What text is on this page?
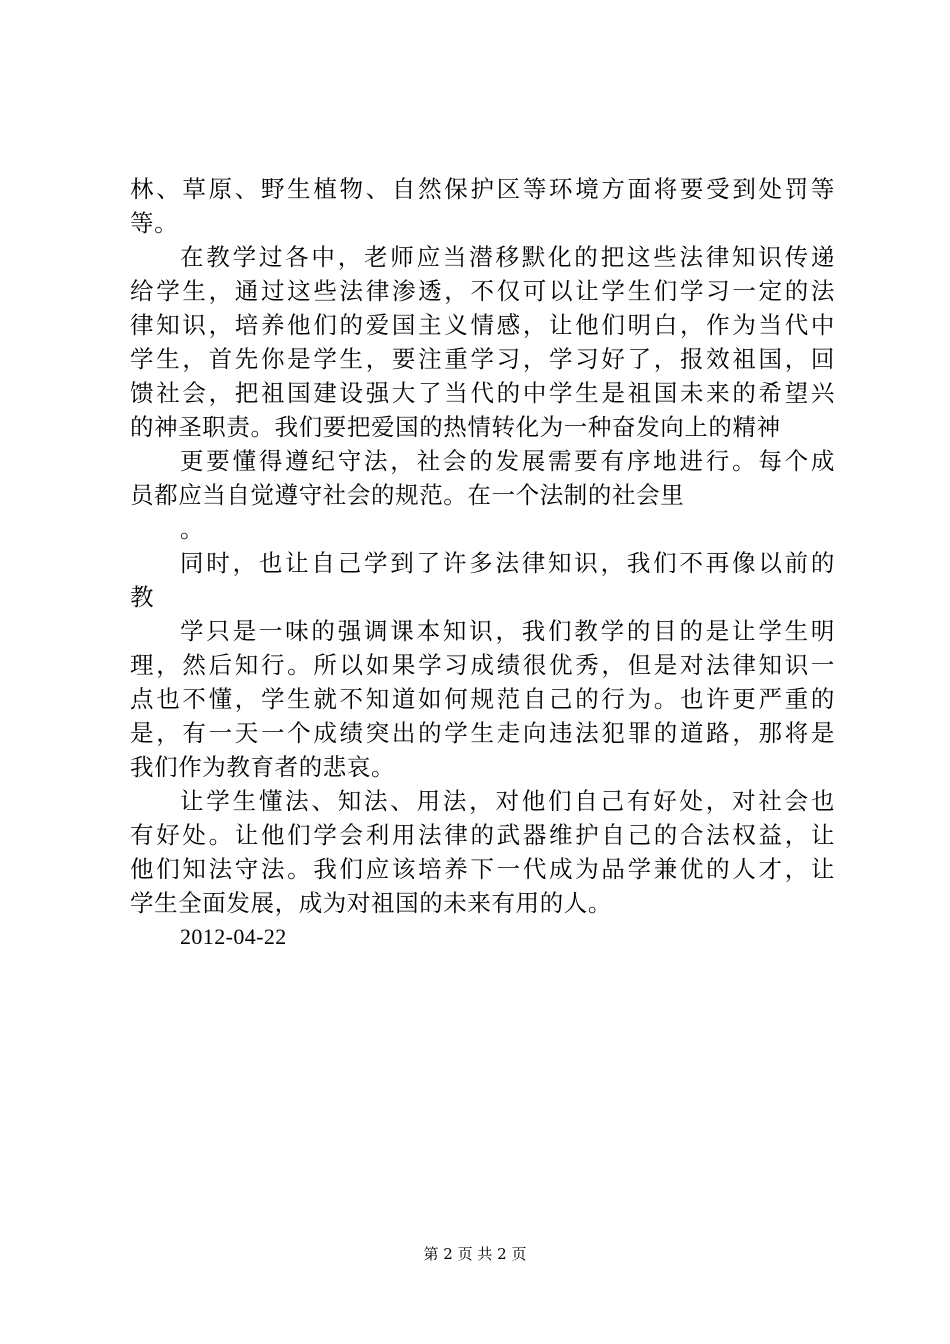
林、草原、野生植物、自然保护区等环境方面将要受到处罚等
等。
在教学过各中，老师应当潜移默化的把这些法律知识传递
给学生，通过这些法律渗透，不仅可以让学生们学习一定的法
律知识，培养他们的爱国主义情感，让他们明白，作为当代中
学生，首先你是学生，要注重学习，学习好了，报效祖国，回
馈社会，把祖国建设强大了当代的中学生是祖国未来的希望兴
的神圣职责。我们要把爱国的热情转化为一种奋发向上的精神
更要懂得遵纪守法，社会的发展需要有序地进行。每个成
员都应当自觉遵守社会的规范。在一个法制的社会里
。
同时，也让自己学到了许多法律知识，我们不再像以前的
教
学只是一味的强调课本知识，我们教学的目的是让学生明
理，然后知行。所以如果学习成绩很优秀，但是对法律知识一
点也不懂，学生就不知道如何规范自己的行为。也许更严重的
是，有一天一个成绩突出的学生走向违法犯罪的道路，那将是
我们作为教育者的悲哀。
让学生懂法、知法、用法，对他们自己有好处，对社会也
有好处。让他们学会利用法律的武器维护自己的合法权益，让
他们知法守法。我们应该培养下一代成为品学兼优的人才，让
学生全面发展，成为对祖国的未来有用的人。
2012-04-22
第 2 页 共 2 页
